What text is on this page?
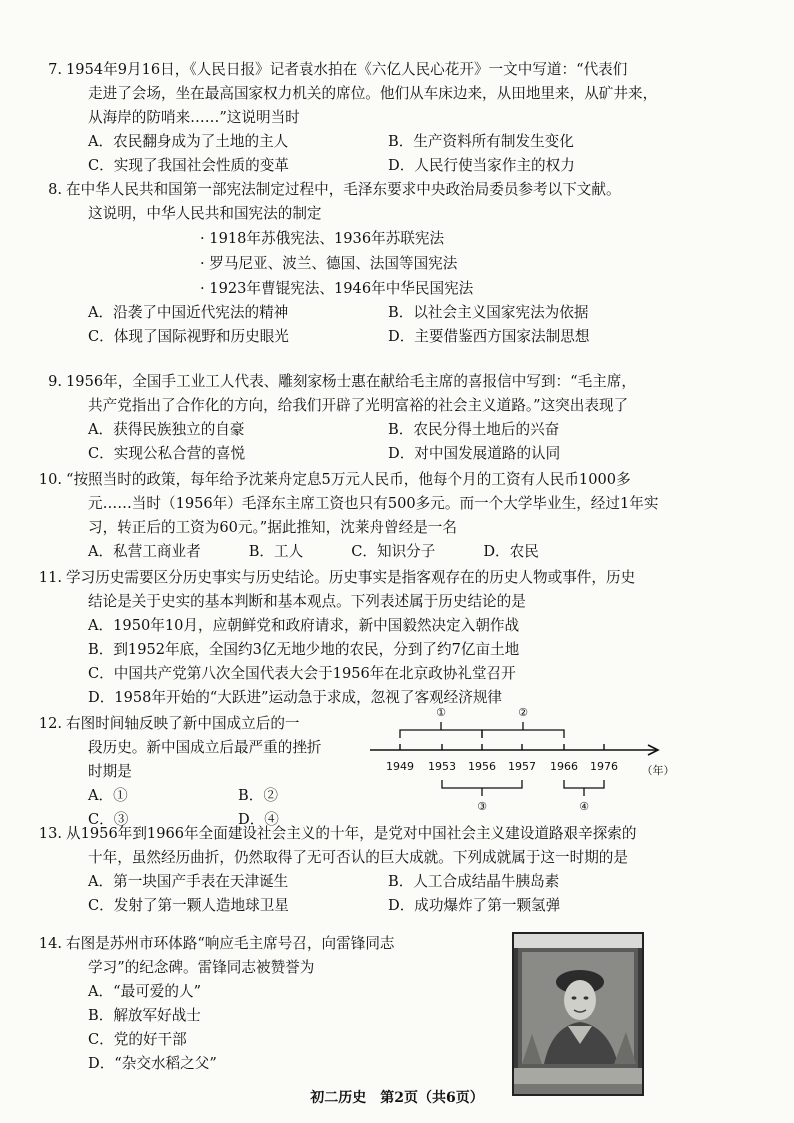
7. 1954年9月16日，《人民日报》记者袁水拍在《六亿人民心花开》一文中写道：“代表们
走进了会场，坐在最高国家权力机关的席位。他们从车床边来，从田地里来，从矿井来，
从海岸的防哨来……”这说明当时
A．农民翻身成为了土地的主人	B．生产资料所有制发生变化
C．实现了我国社会性质的变革	D．人民行使当家作主的权力
8. 在中华人民共和国第一部宪法制定过程中，毛泽东要求中央政治局委员参考以下文献。
这说明，中华人民共和国宪法的制定
· 1918年苏俄宪法、1936年苏联宪法
· 罗马尼亚、波兰、德国、法国等国宪法
· 1923年曹锟宪法、1946年中华民国宪法
A．沿袭了中国近代宪法的精神	B．以社会主义国家宪法为依据
C．体现了国际视野和历史眼光	D．主要借鉴西方国家法制思想
9. 1956年，全国手工业工人代表、雕刻家杨士惠在献给毛主席的喜报信中写到：“毛主席，
共产党指出了合作化的方向，给我们开辟了光明富裕的社会主义道路。”这突出表现了
A．获得民族独立的自豪	B．农民分得土地后的兴奋
C．实现公私合营的喜悦	D．对中国发展道路的认同
10. “按照当时的政策，每年给予沈莱舟定息5万元人民币，他每个月的工资有人民币1000多
元……当时（1956年）毛泽东主席工资也只有500多元。而一个大学毕业生，经过1年实
习，转正后的工资为60元。”据此推知，沈莱舟曾经是一名
A．私营工商业者	B．工人	C．知识分子	D．农民
11. 学习历史需要区分历史事实与历史结论。历史事实是指客观存在的历史人物或事件，历史
结论是关于史实的基本判断和基本观点。下列表述属于历史结论的是
A．1950年10月，应朝鲜党和政府请求，新中国毅然决定入朝作战
B．到1952年底，全国约3亿无地少地的农民，分到了约7亿亩土地
C．中国共产党第八次全国代表大会于1956年在北京政协礼堂召开
D．1958年开始的“大跃进”运动急于求成，忽视了客观经济规律
12. 右图时间轴反映了新中国成立后的一
段历史。新中国成立后最严重的挫折
时期是
A．①	B．②
C．③	D．④
①	②
1949 1953 1956 1957 1966 1976 （年）
③	④
13. 从1956年到1966年全面建设社会主义的十年，是党对中国社会主义建设道路艰辛探索的
十年，虽然经历曲折，仍然取得了无可否认的巨大成就。下列成就属于这一时期的是
A．第一块国产手表在天津诞生	B．人工合成结晶牛胰岛素
C．发射了第一颗人造地球卫星	D．成功爆炸了第一颗氢弹
14. 右图是苏州市环体路“响应毛主席号召，向雷锋同志
学习”的纪念碑。雷锋同志被赞誉为
A．“最可爱的人”
B．解放军好战士
C．党的好干部
D．“杂交水稻之父”
初二历史　第2页（共6页）
